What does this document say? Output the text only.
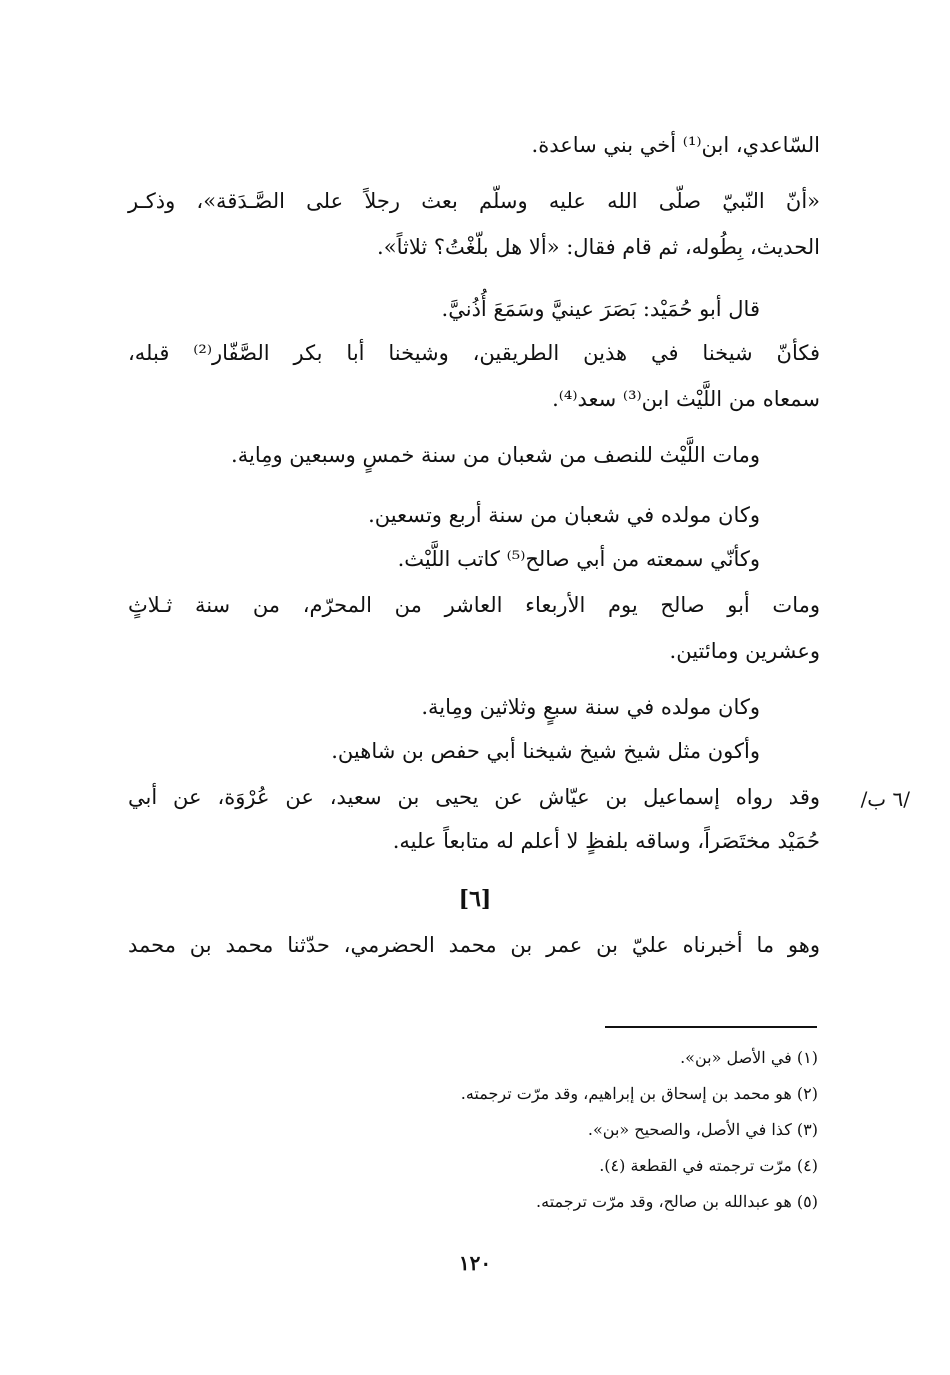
السّاعدي، ابن⁽¹⁾ أخي بني ساعدة.
«أنّ النّبيّ صلّى الله عليه وسلّم بعث رجلاً على الصَّـدَقة»، وذكـر
الحديث، بِطُوله، ثم قام فقال: «ألا هل بلّغْتُ؟ ثلاثاً».
قال أبو حُمَيْد: بَصَرَ عينيَّ وسَمَعَ أُذُنيَّ.
فكأنّ شيخنا في هذين الطريقين، وشيخنا أبا بكر الصَّفّار⁽²⁾ قبله،
سمعاه من اللَّيْث ابن⁽³⁾ سعد⁽⁴⁾.
ومات اللَّيْث للنصف من شعبان من سنة خمسٍ وسبعين ومِاية.
وكان مولده في شعبان من سنة أربع وتسعين.
وكأنّي سمعته من أبي صالح⁽⁵⁾ كاتب اللَّيْث.
ومات أبو صالح يوم الأربعاء العاشر من المحرّم، من سنة ثـلاثٍ
وعشرين ومائتين.
وكان مولده في سنة سبعٍ وثلاثين ومِاية.
وأكون مثل شيخ شيخ شيخنا أبي حفص بن شاهين.
وقد رواه إسماعيل بن عيّاش عن يحيى بن سعيد، عن عُرْوَة، عن أبي
حُمَيْد مختَصَراً، وساقه بلفظٍ لا أعلم له متابعاً عليه.
[٦]
وهو ما أخبرناه عليّ بن عمر بن محمد الحضرمي، حدّثنا محمد بن محمد
/٦ ب/
(١) في الأصل «بن».
(٢) هو محمد بن إسحاق بن إبراهيم، وقد مرّت ترجمته.
(٣) كذا في الأصل، والصحيح «بن».
(٤) مرّت ترجمته في القطعة (٤).
(٥) هو عبدالله بن صالح، وقد مرّت ترجمته.
١٢٠
